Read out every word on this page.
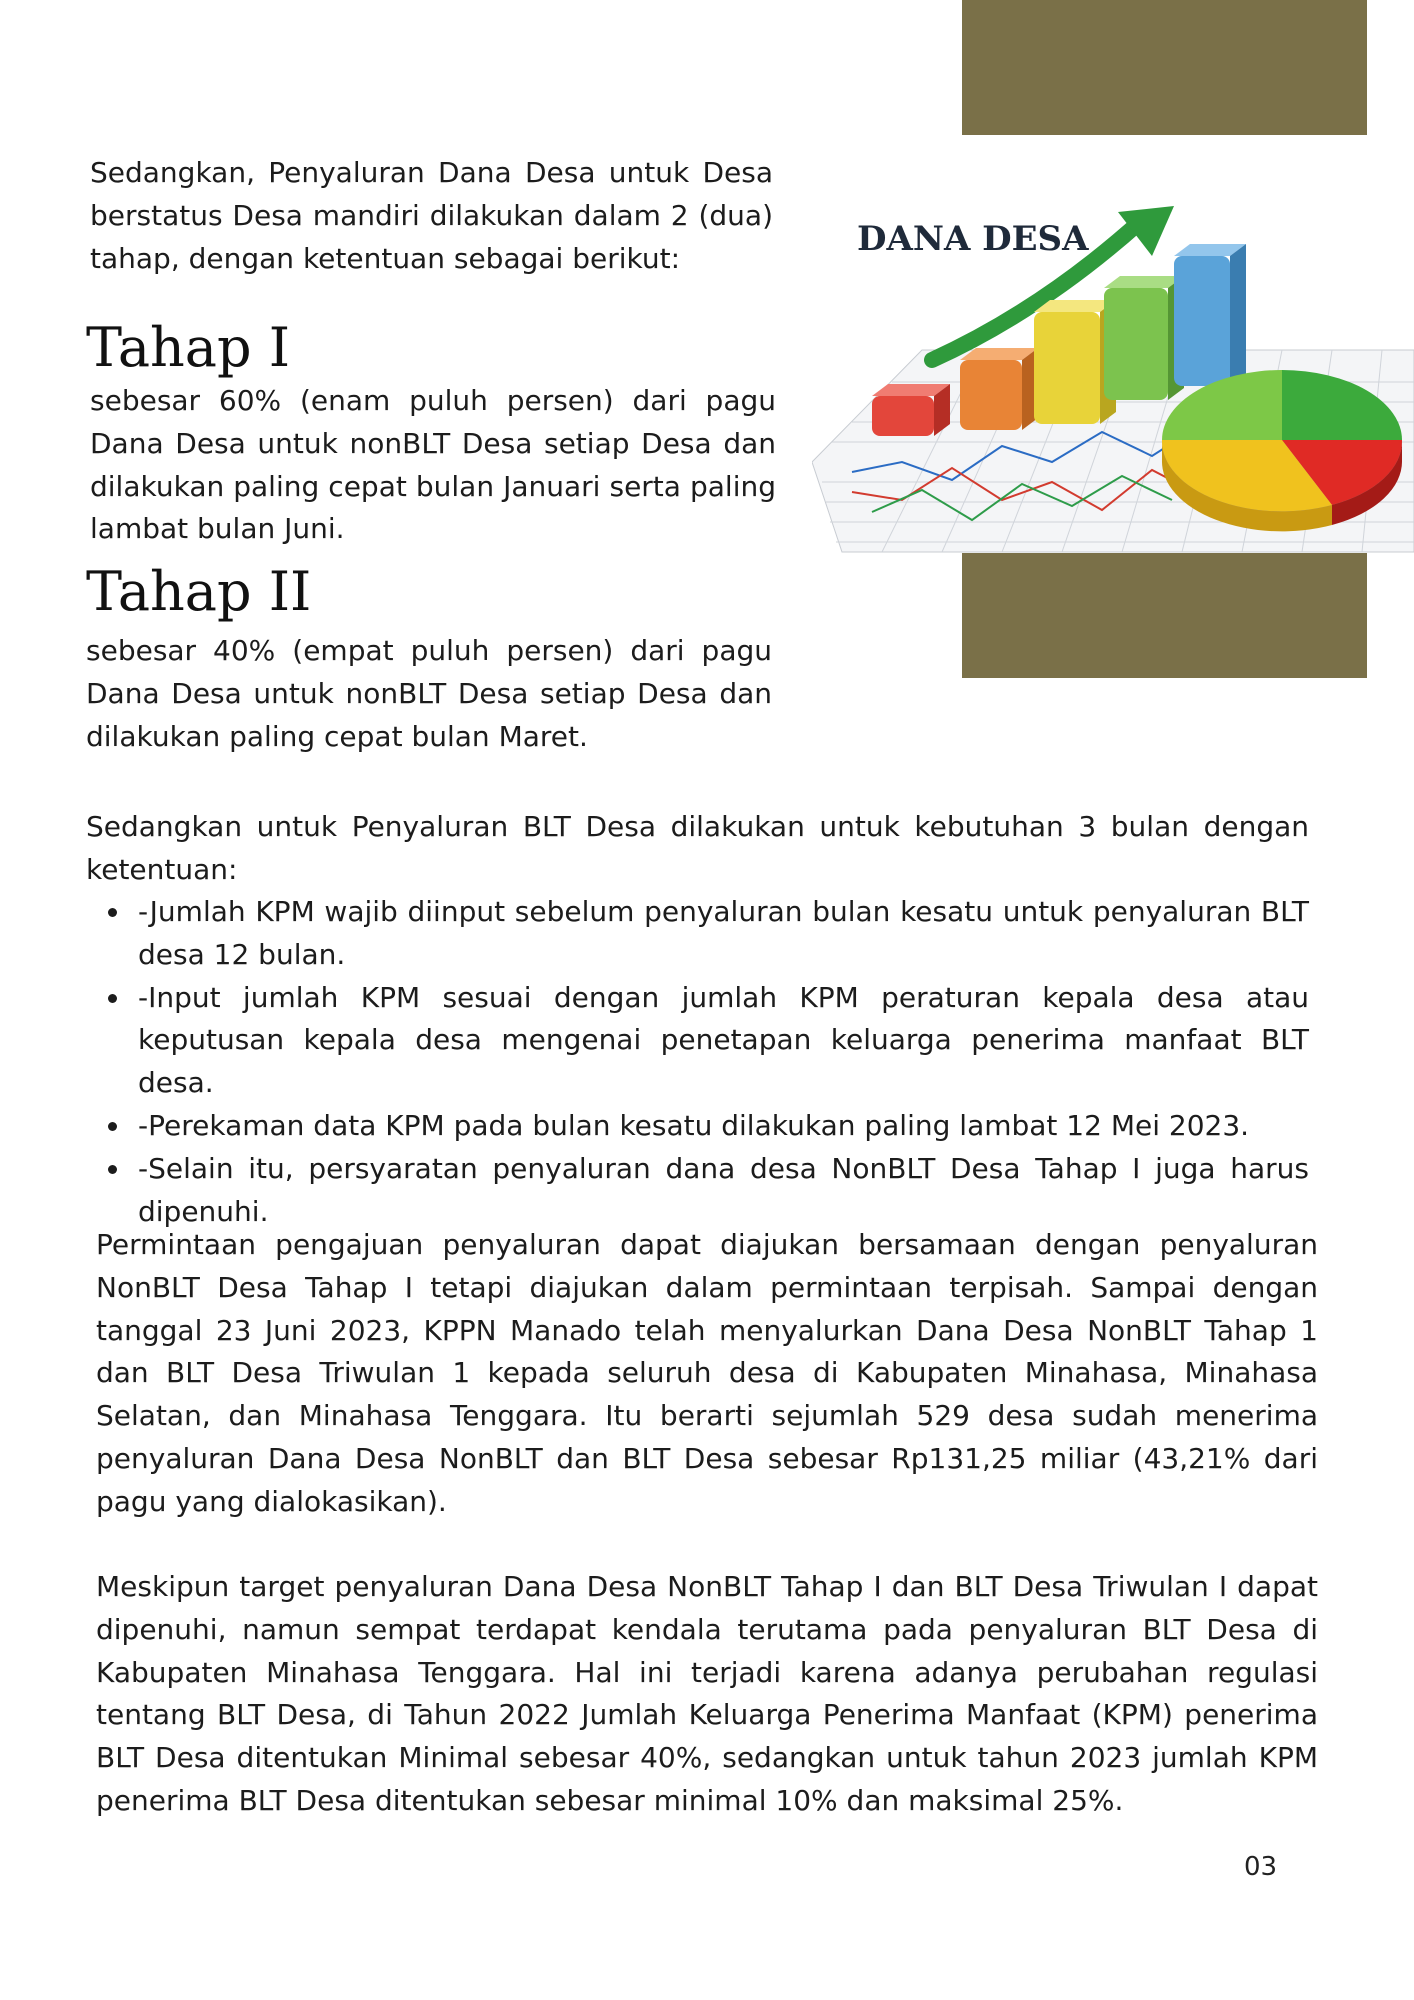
Sedangkan, Penyaluran Dana Desa untuk Desa berstatus Desa mandiri dilakukan dalam 2 (dua) tahap, dengan ketentuan sebagai berikut:

Tahap I

sebesar 60% (enam puluh persen) dari pagu Dana Desa untuk nonBLT Desa setiap Desa dan dilakukan paling cepat bulan Januari serta paling lambat bulan Juni.

Tahap II

sebesar 40% (empat puluh persen) dari pagu Dana Desa untuk nonBLT Desa setiap Desa dan dilakukan paling cepat bulan Maret.

Sedangkan untuk Penyaluran BLT Desa dilakukan untuk kebutuhan 3 bulan dengan ketentuan:

-Jumlah KPM wajib diinput sebelum penyaluran bulan kesatu untuk penyaluran BLT desa 12 bulan.
-Input jumlah KPM sesuai dengan jumlah KPM peraturan kepala desa atau keputusan kepala desa mengenai penetapan keluarga penerima manfaat BLT desa.
-Perekaman data KPM pada bulan kesatu dilakukan paling lambat 12 Mei 2023.
-Selain itu, persyaratan penyaluran dana desa NonBLT Desa Tahap I juga harus dipenuhi.

Permintaan pengajuan penyaluran dapat diajukan bersamaan dengan penyaluran NonBLT Desa Tahap I tetapi diajukan dalam permintaan terpisah. Sampai dengan tanggal 23 Juni 2023, KPPN Manado telah menyalurkan Dana Desa NonBLT Tahap 1 dan BLT Desa Triwulan 1 kepada seluruh desa di Kabupaten Minahasa, Minahasa Selatan, dan Minahasa Tenggara. Itu berarti sejumlah 529 desa sudah menerima penyaluran Dana Desa NonBLT dan BLT Desa sebesar Rp131,25 miliar (43,21% dari pagu yang dialokasikan).

Meskipun target penyaluran Dana Desa NonBLT Tahap I dan BLT Desa Triwulan I dapat dipenuhi, namun sempat terdapat kendala terutama pada penyaluran BLT Desa di Kabupaten Minahasa Tenggara. Hal ini terjadi karena adanya perubahan regulasi tentang BLT Desa, di Tahun 2022 Jumlah Keluarga Penerima Manfaat (KPM) penerima BLT Desa ditentukan Minimal sebesar 40%, sedangkan untuk tahun 2023 jumlah KPM penerima BLT Desa ditentukan sebesar minimal 10% dan maksimal 25%.

03
DANA DESA
